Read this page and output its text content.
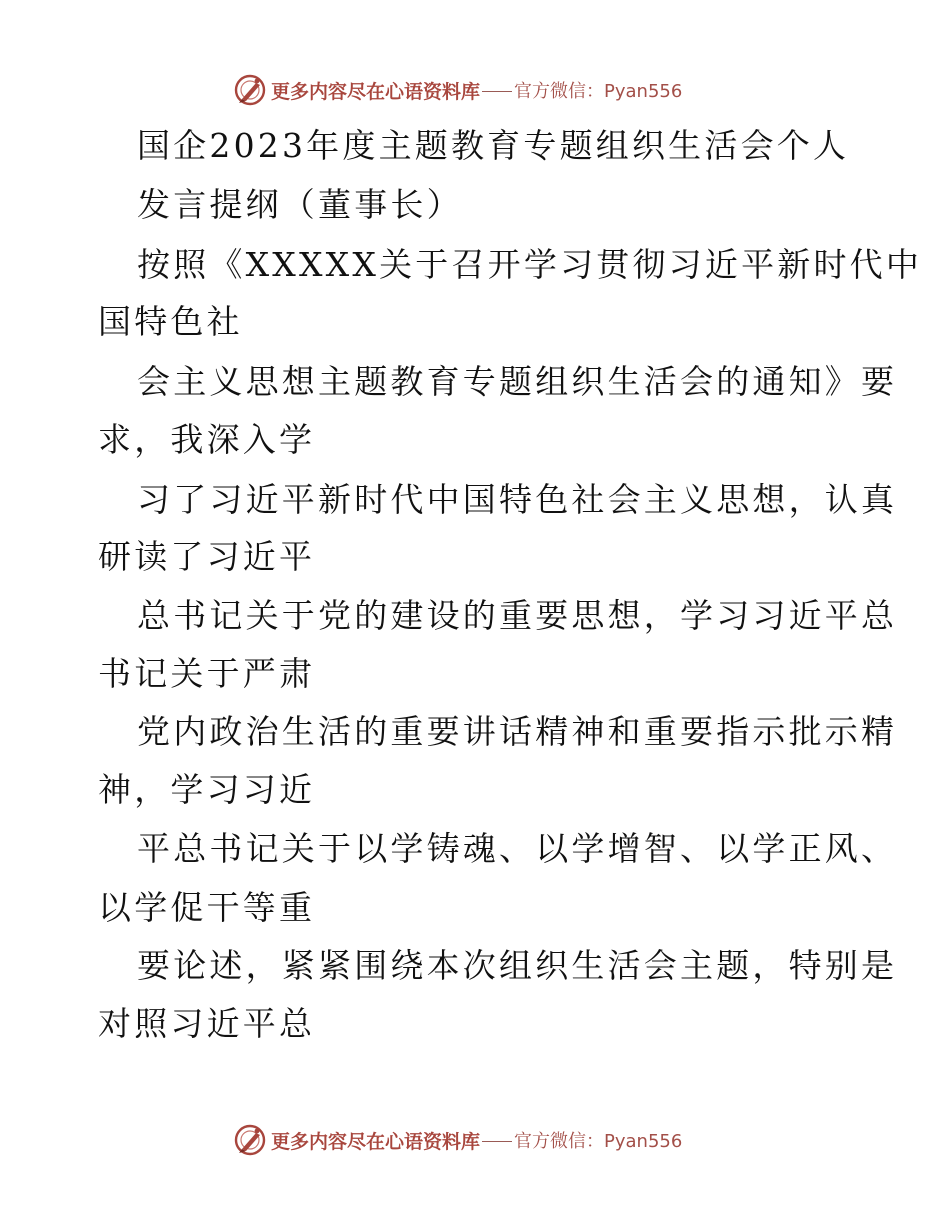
更多内容尽在心语资料库 官方微信：Pyan556
国企2023年度主题教育专题组织生活会个人
发言提纲（董事长）
按照《XXXXX关于召开学习贯彻习近平新时代中
国特色社
会主义思想主题教育专题组织生活会的通知》要
求，我深入学
习了习近平新时代中国特色社会主义思想，认真
研读了习近平
总书记关于党的建设的重要思想，学习习近平总
书记关于严肃
党内政治生活的重要讲话精神和重要指示批示精
神，学习习近
平总书记关于以学铸魂、以学增智、以学正风、
以学促干等重
要论述，紧紧围绕本次组织生活会主题，特别是
对照习近平总
更多内容尽在心语资料库 官方微信：Pyan556
